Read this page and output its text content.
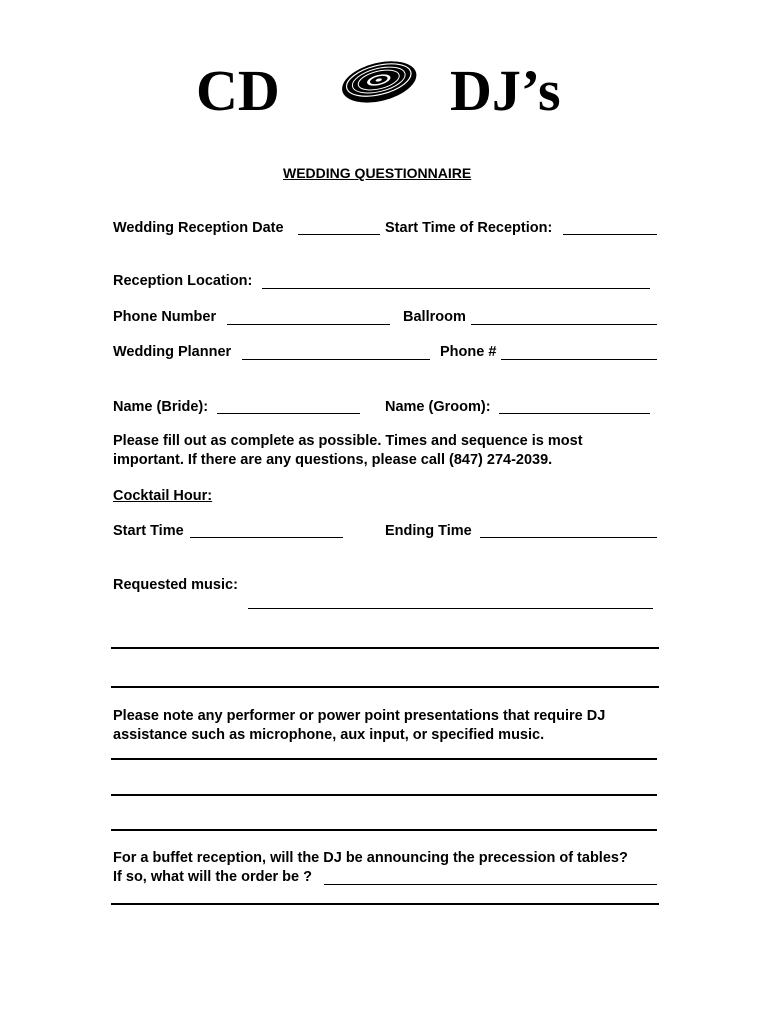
CD	DJ’s
WEDDING QUESTIONNAIRE
Wedding Reception Date	Start Time of Reception:
Reception Location:
Phone Number	Ballroom
Wedding Planner	Phone #
Name (Bride):	Name (Groom):
Please fill out as complete as possible. Times and sequence is most
important. If there are any questions, please call (847) 274-2039.
Cocktail Hour:
Start Time	Ending Time
Requested music:
Please note any performer or power point presentations that require DJ
assistance such as microphone, aux input, or specified music.
For a buffet reception, will the DJ be announcing the precession of tables?
If so, what will the order be ?
